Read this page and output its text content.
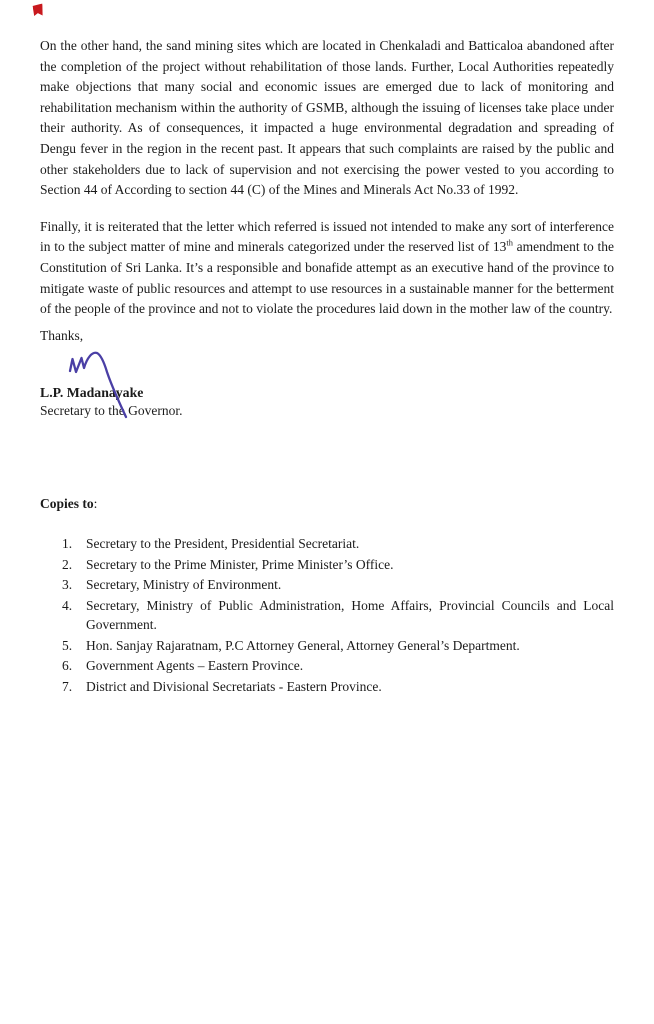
On the other hand, the sand mining sites which are located in Chenkaladi and Batticaloa abandoned after the completion of the project without rehabilitation of those lands. Further, Local Authorities repeatedly make objections that many social and economic issues are emerged due to lack of monitoring and rehabilitation mechanism within the authority of GSMB, although the issuing of licenses take place under their authority. As of consequences, it impacted a huge environmental degradation and spreading of Dengu fever in the region in the recent past. It appears that such complaints are raised by the public and other stakeholders due to lack of supervision and not exercising the power vested to you according to Section 44 of According to section 44 (C) of the Mines and Minerals Act No.33 of 1992.

Finally, it is reiterated that the letter which referred is issued not intended to make any sort of interference in to the subject matter of mine and minerals categorized under the reserved list of 13th amendment to the Constitution of Sri Lanka. It’s a responsible and bonafide attempt as an executive hand of the province to mitigate waste of public resources and attempt to use resources in a sustainable manner for the betterment of the people of the province and not to violate the procedures laid down in the mother law of the country.

Thanks,

L.P. Madanayake
Secretary to the Governor.
Copies to:
1.	Secretary to the President, Presidential Secretariat.
2.	Secretary to the Prime Minister, Prime Minister’s Office.
3.	Secretary, Ministry of Environment.
4.	Secretary, Ministry of Public Administration, Home Affairs, Provincial Councils and Local Government.
5.	Hon. Sanjay Rajaratnam, P.C Attorney General, Attorney General’s Department.
6.	Government Agents – Eastern Province.
7.	District and Divisional Secretariats - Eastern Province.
